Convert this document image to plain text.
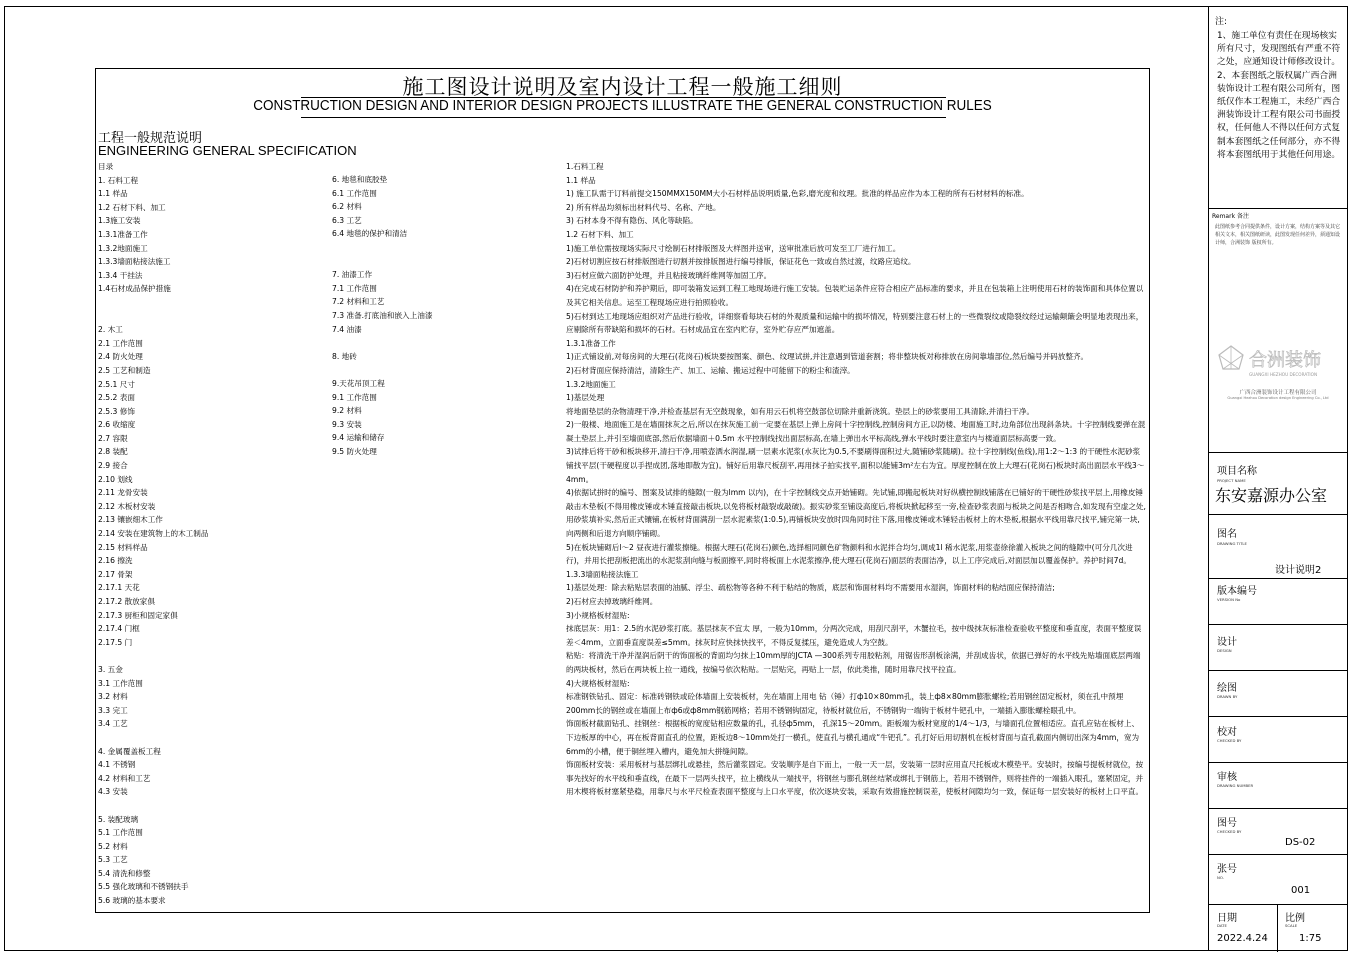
施工图设计说明及室内设计工程一般施工细则
CONSTRUCTION DESIGN AND INTERIOR DESIGN PROJECTS ILLUSTRATE THE GENERAL CONSTRUCTION RULES
工程一般规范说明
ENGINEERING GENERAL SPECIFICATION
目录
1. 石料工程
1.1 样品
1.2 石材下料、加工
1.3施工安装
1.3.1准备工作
1.3.2地面施工
1.3.3墙面粘接法施工
1.3.4 干挂法
1.4石材成品保护措施
2. 木工
2.1 工作范围
2.4 防火处理
2.5 工艺和制造
2.5.1 尺寸
2.5.2 表面
2.5.3 修饰
2.6 收缩度
2.7 容限
2.8 装配
2.9 接合
2.10 划线
2.11 龙骨安装
2.12 木板材安装
2.13 镶嵌细木工作
2.14 安装在建筑物上的木工制品
2.15 材料样品
2.16 擦洗
2.17 骨架
2.17.1 天花
2.17.2 散放家俱
2.17.3 厨柜和固定家俱
2.17.4 门框
2.17.5 门
3. 五金
3.1 工作范围
3.2 材料
3.3 完工
3.4 工艺
4. 金属覆盖板工程
4.1 不锈钢
4.2 材料和工艺
4.3 安装
5. 装配玻璃
5.1 工作范围
5.2 材料
5.3 工艺
5.4 清洗和修整
5.5 强化玻璃和不锈钢扶手
5.6 玻璃的基本要求
6. 地毯和底胶垫
6.1 工作范围
6.2 材料
6.3 工艺
6.4 地毯的保护和清洁
7. 油漆工作
7.1 工作范围
7.2 材料和工艺
7.3 准备.打底油和嵌入上油漆
7.4 油漆
8. 地砖
9.天花吊顶工程
9.1 工作范围
9.2 材料
9.3 安装
9.4 运输和储存
9.5 防火处理

1.石料工程

1.1 样品

1) 施工队需于订料前提交150MMX150MM大小石材样品说明质量,色彩,磨光度和纹理。批准的样品应作为本工程的所有石材材料的标准。

2) 所有样品均须标出材料代号、名称、产地。

3) 石材本身不得有隐伤、风化等缺陷。

1.2 石材下料、加工

1)施工单位需按现场实际尺寸绘制石材排版图及大样图并送审，送审批准后放可发至工厂进行加工。

2)石材切割应按石材排版图进行切割并按排版图进行编号排版，保证花色一致或自然过渡，纹路应追纹。

3)石材应做六面防护处理，并且粘接玻璃纤维网等加固工序。

4)在完成石材防护和养护期后，即可装箱发运到工程工地现场进行施工安装。包装贮运条件应符合相应产品标准的要求，并且在包装箱上注明使用石材的装饰面和具体位置以及其它相关信息。运至工程现场应进行拍照验收。

5)石材到达工地现场应组织对产品进行验收，详细察看每块石材的外观质量和运输中的损坏情况，特别要注意石材上的一些微裂纹或隐裂纹经过运输颠簸会明显地表现出来，应剔除所有带缺陷和损坏的石材。石材成品宜在室内贮存，室外贮存应严加遮盖。

1.3.1准备工作

1)正式铺设前,对每房间的大理石(花岗石)板块要按图案、颜色、纹理试拼,并注意遇到管道套割；将非整块板对称排放在房间靠墙部位,然后编号并码放整齐。

2)石材背面应保持清洁，清除生产、加工、运输、搬运过程中可能留下的粉尘和渣滓。

1.3.2地面施工

1)基层处理

将地面垫层的杂物清理干净,并检查基层有无空鼓现象，如有用云石机将空鼓部位切除并重新浇筑。垫层上的砂浆要用工具清除,并清扫干净。

2)一般楼、地面施工是在墙面抹灰之后,所以在抹灰施工前一定要在基层上弹上房间十字控制线,控制房间方正,以防楼、地面施工时,边角部位出现斜条块。十字控制线要弹在混凝土垫层上,并引至墙面底部,然后依据墙面＋0.5m 水平控制线找出面层标高,在墙上弹出水平标高线,弹水平线时要注意室内与楼道面层标高要一致。

3)试排后将干砂和板块移开,清扫干净,用喷壶洒水润湿,刷一层素水泥浆(水灰比为0.5,不要刷得面积过大,随铺砂浆随刷)。拉十字控制线(鱼线),用1:2～1:3 的干硬性水泥砂浆铺找平层(干硬程度以手捏成团,落地即散为宜)。铺好后用靠尺板刮平,再用抹子拍实找平,面积以能铺3m²左右为宜。厚度控制在放上大理石(花岗石)板块时高出面层水平线3～4mm。

4)依据试拼时的编号、图案及试排的缝隙(一般为lmm 以内)，在十字控制线交点开始铺砌。先试铺,即搬起板块对好纵横控制线铺落在已铺好的干硬性砂浆找平层上,用橡皮锤敲击木垫板(不得用橡皮锤或木锤直接敲击板块,以免将板材敲裂或敲破)。振实砂浆至铺设高度后,将板块掀起移至一旁,检查砂浆表面与板块之间是否相吻合,如发现有空虚之处,用砂浆填补实,然后正式镶铺,在板材背面满刮一层水泥素浆(1:0.5),再铺板块安放时四角同时往下落,用橡皮锤或木锤轻击板材上的木垫板,根据水平线用靠尺找平,铺完第一块,向两侧和后退方向顺序铺砌。

5)在板块铺砌后l～2 昼夜进行灌浆擦缝。根据大理石(花岗石)颜色,选择相同颜色矿物颜料和水泥拌合均匀,调成1l 稀水泥浆,用浆壶徐徐灌入板块之间的缝隙中(可分几次进行)，并用长把刮板把流出的水泥浆刮向缝与板面擦平,同时将板面上水泥浆擦净,使大理石(花岗石)面层的表面洁净，以上工序完成后,对面层加以覆盖保护。养护时间7d。

1.3.3墙面粘接法施工

1)基层处理：除去粘贴层表面的油腻、浮尘、疏松物等各种不利于粘结的物质，底层和饰面材料均不需要用水湿润，饰面材料的粘结面应保持清洁;

2)石材应去掉玻璃纤维网。

3)小规格板材湿贴:

抹底层灰：用1：2.5的水泥砂浆打底。基层抹灰不宜太 厚，一般为10mm，分两次完成，用刮尺刮平，木蟹拉毛，按中级抹灰标准检查验收平整度和垂直度，表面平整度误差＜4mm，立面垂直度误差≤5mm。抹灰时应快抹快找平，不得反复揉压，避免造成人为空鼓。

粘贴：将清洗干净并湿润后阴干的饰面板的背面均匀抹上10mm厚的JCTA —300系列专用胶粘剂，用锯齿形刮板涂满，并刮成齿状，依据已弹好的水平线先贴墙面底层两端的两块板材，然后在两块板上拉一通线，按编号依次粘贴。一层贴完，再贴上一层，依此类推，随时用靠尺找平拉直。

4)大规格板材湿贴:

标准钢铁钻孔、固定：标准砖钢铁或砼体墙面上安装板材，先在墙面上用电 钻（锤）打ф10×80mm孔，装上ф8×80mm膨胀螺栓;若用钢丝固定板材，须在孔中预埋200mm长的钢丝或在墙面上布ф6或ф8mm钢筋网格；若用不锈钢钩固定，待板材就位后，不锈钢钩一端钩于板材牛钯孔中，一端插入膨胀螺栓眼孔中。

饰面板材截面钻孔、挂钢丝：根据板的宽度钻相应数量的孔，孔径ф5mm， 孔深15～20mm。距板端为板材宽度的1/4～1/3，与墙面孔位置相适应。直孔应钻在板材上、下边板厚的中心，再在板背面直孔的位置，距板边8～10mm处打一横孔，使直孔与横孔通成“牛钯孔”。孔打好后用切割机在板材背面与直孔截面内侧切出深为4mm，宽为6mm的小槽，便于铜丝埋入槽内，避免加大拼缝间隙。

饰面板材安装：采用板材与基层绑扎或悬挂，然后灌浆固定。安装顺序是自下而上，一般一天一层，安装第一层时应用直尺托板或木模垫平。安装时，按编号提板材就位，按事先找好的水平线和垂直线，在最下一层两头找平，拉上横线从一端找平，将钢丝与膨孔钢丝结紧或绑扎于钢筋上，若用不锈钢件，则将挂件的一端插入眼孔，塞紧固定，并用木楔将板材塞紧垫稳，用靠尺与水平尺检查表面平整度与上口水平度，依次逐块安装，采取有效措施控制误差，使板材间隙均匀一致，保证每一层安装好的板材上口平直。

注:
1、施工单位有责任在现场核实所有尺寸，发现图纸有严重不符之处，应通知设计师修改设计。
2、本套图纸之版权属广西合洲装饰设计工程有限公司所有，图纸仅作本工程施工，未经广西合洲装饰设计工程有限公司书面授权，任何他人不得以任何方式复制本套图纸之任何部分，亦不得将本套图纸用于其他任何用途。
Remark 备注
此图纸参考合同提供条件，设计方案，结构方案等及其它相关文本，相关图纸研读，此图发现任何差异，须通知设计师，合洲装饰 版权所有。
合洲装饰
GUANGXI HEZHOU DECORATION
广西合洲装饰设计工程有限公司
Guangxi Hezhou Decoration design Engineering Co., Ltd
项目名称
PROJECT NAME
东安嘉源办公室
图名
DRAWING TITLE
设计说明2
版本编号
VERSION No
设计
DESIGN
绘图
DRAWN BY
校对
CHECKED BY
审核
DRAWING NUMBER
图号
CHECKED BY
DS-02
张号
NO.
001
日期
DATE
2022.4.24
比例
SCALE
1:75
